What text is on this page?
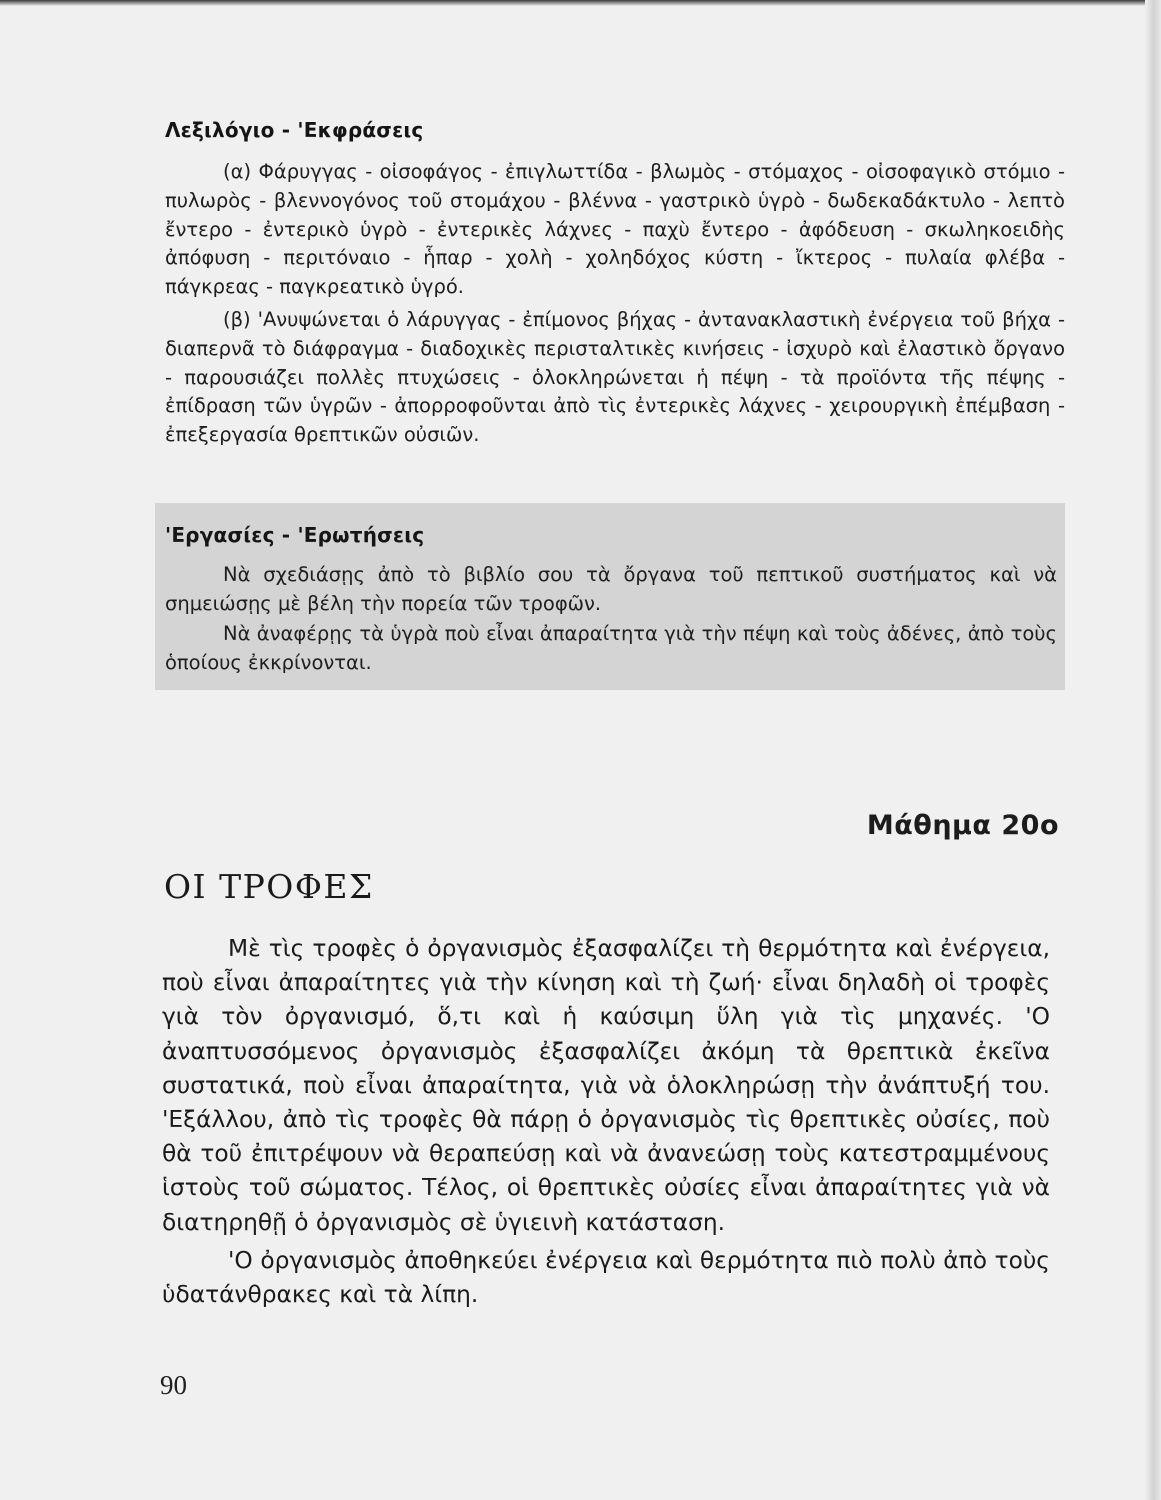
Λεξιλόγιο - 'Εκφράσεις

(α) Φάρυγγας - οἰσοφάγος - ἐπιγλωττίδα - βλωμὸς - στόμαχος - οἰσοφαγικὸ στόμιο - πυλωρὸς - βλεννογόνος τοῦ στομάχου - βλέννα - γαστρικὸ ὑγρὸ - δωδεκαδάκτυλο - λεπτὸ ἔντερο - ἐντερικὸ ὑγρὸ - ἐντερικὲς λάχνες - παχὺ ἔντερο - ἀφόδευση - σκωληκοειδὴς ἀπόφυση - περιτόναιο - ἧπαρ - χολὴ - χοληδόχος κύστη - ἴκτερος - πυλαία φλέβα - πάγκρεας - παγκρεατικὸ ὑγρό.

(β) 'Ανυψώνεται ὁ λάρυγγας - ἐπίμονος βήχας - ἀντανακλαστικὴ ἐνέργεια τοῦ βήχα - διαπερνᾶ τὸ διάφραγμα - διαδοχικὲς περισταλτικὲς κινήσεις - ἰσχυρὸ καὶ ἐλαστικὸ ὄργανο - παρουσιάζει πολλὲς πτυχώσεις - ὁλοκληρώνεται ἡ πέψη - τὰ προϊόντα τῆς πέψης - ἐπίδραση τῶν ὑγρῶν - ἀπορροφοῦνται ἀπὸ τὶς ἐντερικὲς λάχνες - χειρουργικὴ ἐπέμβαση - ἐπεξεργασία θρεπτικῶν οὐσιῶν.

'Εργασίες - 'Ερωτήσεις

Νὰ σχεδιάσῃς ἀπὸ τὸ βιβλίο σου τὰ ὄργανα τοῦ πεπτικοῦ συστήματος καὶ νὰ σημειώσῃς μὲ βέλη τὴν πορεία τῶν τροφῶν.

Νὰ ἀναφέρῃς τὰ ὑγρὰ ποὺ εἶναι ἀπαραίτητα γιὰ τὴν πέψη καὶ τοὺς ἀδένες, ἀπὸ τοὺς ὁποίους ἐκκρίνονται.

Μάθημα 20ο
ΟΙ ΤΡΟΦΕΣ

Μὲ τὶς τροφὲς ὁ ὀργανισμὸς ἐξασφαλίζει τὴ θερμότητα καὶ ἐνέργεια, ποὺ εἶναι ἀπαραίτητες γιὰ τὴν κίνηση καὶ τὴ ζωή· εἶναι δηλαδὴ οἱ τροφὲς γιὰ τὸν ὀργανισμό, ὅ,τι καὶ ἡ καύσιμη ὕλη γιὰ τὶς μηχανές. 'Ο ἀναπτυσσόμενος ὀργανισμὸς ἐξασφαλίζει ἀκόμη τὰ θρεπτικὰ ἐκεῖνα συστατικά, ποὺ εἶναι ἀπαραίτητα, γιὰ νὰ ὁλοκληρώσῃ τὴν ἀνάπτυξή του. 'Εξάλλου, ἀπὸ τὶς τροφὲς θὰ πάρῃ ὁ ὀργανισμὸς τὶς θρεπτικὲς οὐσίες, ποὺ θὰ τοῦ ἐπιτρέψουν νὰ θεραπεύσῃ καὶ νὰ ἀνανεώσῃ τοὺς κατεστραμμένους ἱστοὺς τοῦ σώματος. Τέλος, οἱ θρεπτικὲς οὐσίες εἶναι ἀπαραίτητες γιὰ νὰ διατηρηθῇ ὁ ὀργανισμὸς σὲ ὑγιεινὴ κατάσταση.

'Ο ὀργανισμὸς ἀποθηκεύει ἐνέργεια καὶ θερμότητα πιὸ πολὺ ἀπὸ τοὺς ὑδατάνθρακες καὶ τὰ λίπη.

90
